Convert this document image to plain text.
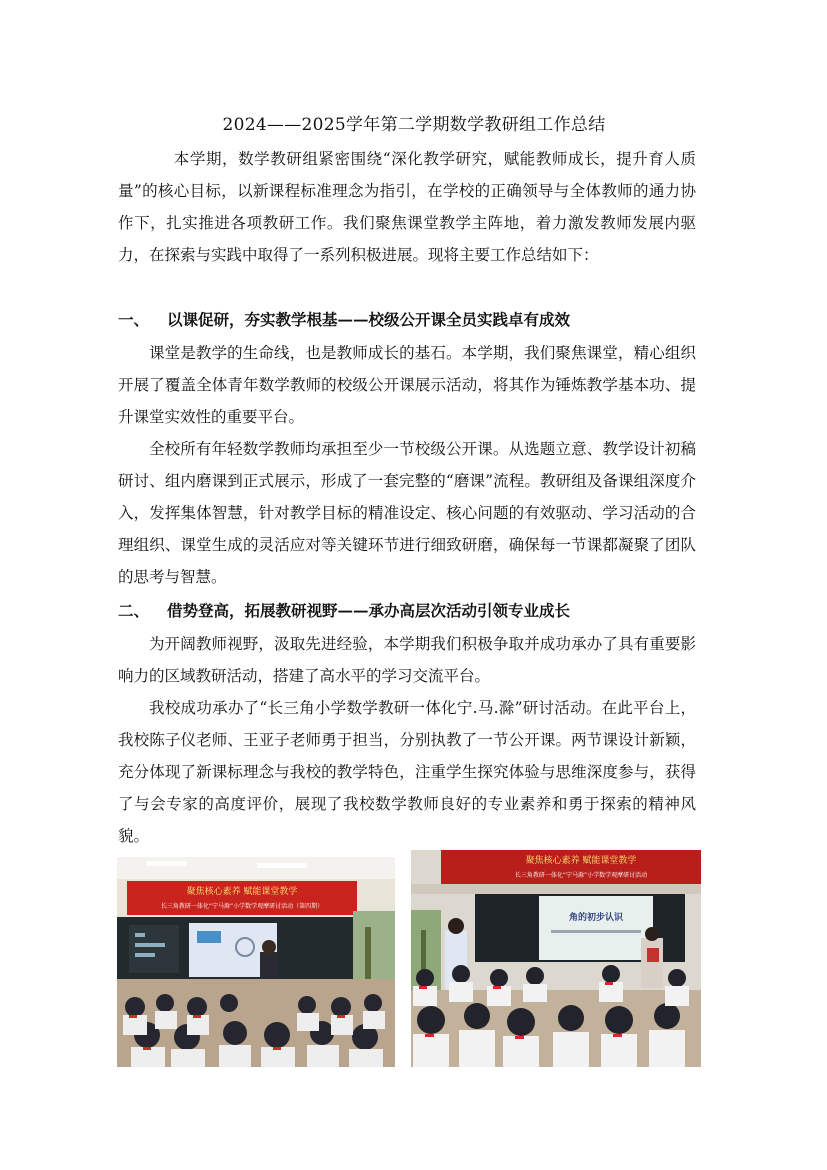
2024——2025学年第二学期数学教研组工作总结

本学期，数学教研组紧密围绕“深化教学研究，赋能教师成长，提升育人质量”的核心目标，以新课程标准理念为指引，在学校的正确领导与全体教师的通力协作下，扎实推进各项教研工作。我们聚焦课堂教学主阵地，着力激发教师发展内驱力，在探索与实践中取得了一系列积极进展。现将主要工作总结如下：

一、 以课促研，夯实教学根基——校级公开课全员实践卓有成效

课堂是教学的生命线，也是教师成长的基石。本学期，我们聚焦课堂，精心组织开展了覆盖全体青年数学教师的校级公开课展示活动，将其作为锤炼教学基本功、提升课堂实效性的重要平台。

全校所有年轻数学教师均承担至少一节校级公开课。从选题立意、教学设计初稿研讨、组内磨课到正式展示，形成了一套完整的“磨课”流程。教研组及备课组深度介入，发挥集体智慧，针对教学目标的精准设定、核心问题的有效驱动、学习活动的合理组织、课堂生成的灵活应对等关键环节进行细致研磨，确保每一节课都凝聚了团队的思考与智慧。

二、 借势登高，拓展教研视野——承办高层次活动引领专业成长

为开阔教师视野，汲取先进经验，本学期我们积极争取并成功承办了具有重要影响力的区域教研活动，搭建了高水平的学习交流平台。

我校成功承办了“长三角小学数学教研一体化宁.马.滁”研讨活动。在此平台上，我校陈子仪老师、王亚子老师勇于担当，分别执教了一节公开课。两节课设计新颖，充分体现了新课标理念与我校的教学特色，注重学生探究体验与思维深度参与，获得了与会专家的高度评价，展现了我校数学教师良好的专业素养和勇于探索的精神风貌。

聚焦核心素养 赋能课堂教学
长三角教研一体化“宁马滁”小学数学观摩研讨活动（第四期）
聚焦核心素养 赋能课堂教学
长三角教研一体化“宁马滁”小学数学观摩研讨活动
角的初步认识
